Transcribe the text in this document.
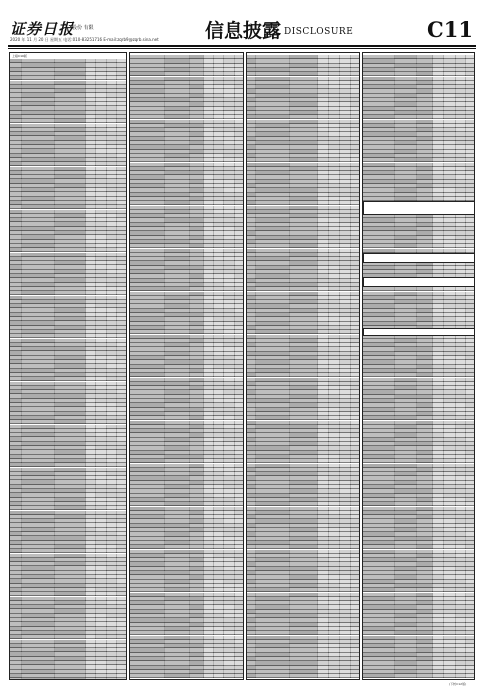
证券日报
股份 有限
2020 年 11 月 20 日 星期五 电话:010-83251716 E-mail:zqrb9@zqrb.sina.net 信息披露 DISCLOSURE	C11
上接C10版
(下转C12版)
